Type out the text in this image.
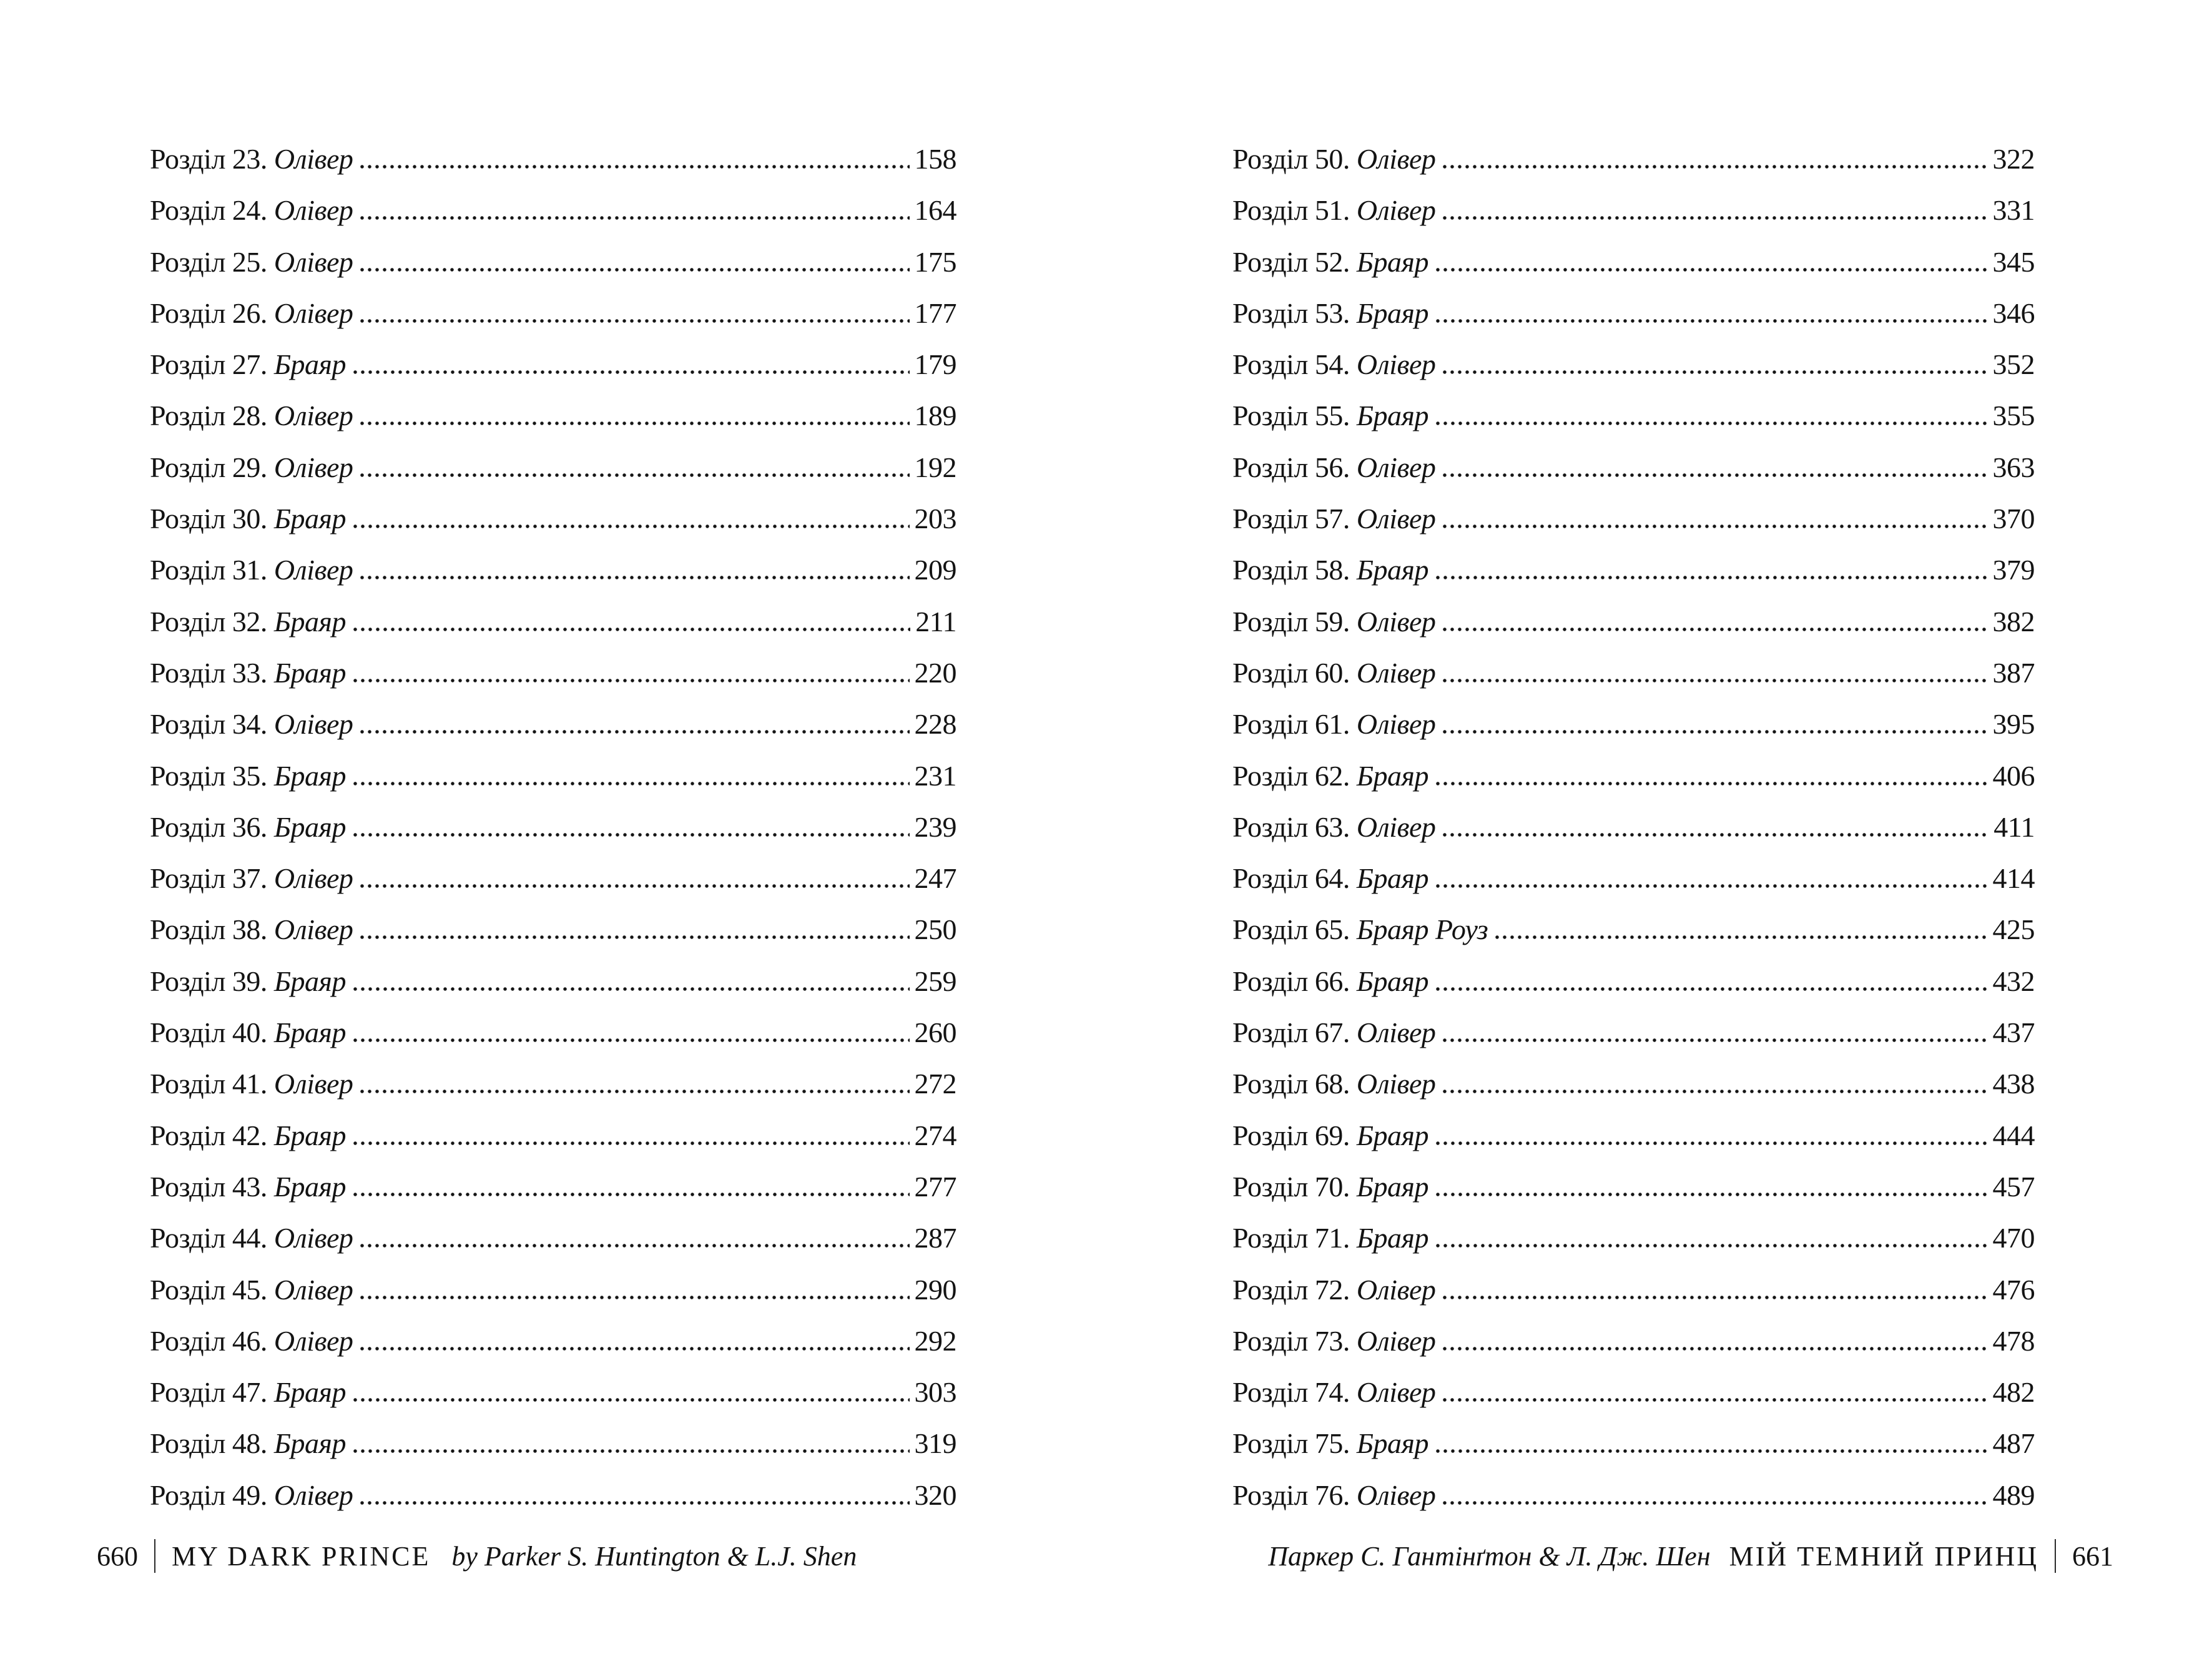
Розділ 23. Олівер	158
Розділ 24. Олівер	164
Розділ 25. Олівер	175
Розділ 26. Олівер	177
Розділ 27. Браяр	179
Розділ 28. Олівер	189
Розділ 29. Олівер	192
Розділ 30. Браяр	203
Розділ 31. Олівер	209
Розділ 32. Браяр	211
Розділ 33. Браяр	220
Розділ 34. Олівер	228
Розділ 35. Браяр	231
Розділ 36. Браяр	239
Розділ 37. Олівер	247
Розділ 38. Олівер	250
Розділ 39. Браяр	259
Розділ 40. Браяр	260
Розділ 41. Олівер	272
Розділ 42. Браяр	274
Розділ 43. Браяр	277
Розділ 44. Олівер	287
Розділ 45. Олівер	290
Розділ 46. Олівер	292
Розділ 47. Браяр	303
Розділ 48. Браяр	319
Розділ 49. Олівер	320
Розділ 50. Олівер	322
Розділ 51. Олівер	331
Розділ 52. Браяр	345
Розділ 53. Браяр	346
Розділ 54. Олівер	352
Розділ 55. Браяр	355
Розділ 56. Олівер	363
Розділ 57. Олівер	370
Розділ 58. Браяр	379
Розділ 59. Олівер	382
Розділ 60. Олівер	387
Розділ 61. Олівер	395
Розділ 62. Браяр	406
Розділ 63. Олівер	411
Розділ 64. Браяр	414
Розділ 65. Браяр Роуз	425
Розділ 66. Браяр	432
Розділ 67. Олівер	437
Розділ 68. Олівер	438
Розділ 69. Браяр	444
Розділ 70. Браяр	457
Розділ 71. Браяр	470
Розділ 72. Олівер	476
Розділ 73. Олівер	478
Розділ 74. Олівер	482
Розділ 75. Браяр	487
Розділ 76. Олівер	489
660 MY DARK PRINCE by Parker S. Huntington & L.J. Shen	Паркер С. Гантінґтон & Л. Дж. Шен МІЙ ТЕМНИЙ ПРИНЦ 661
